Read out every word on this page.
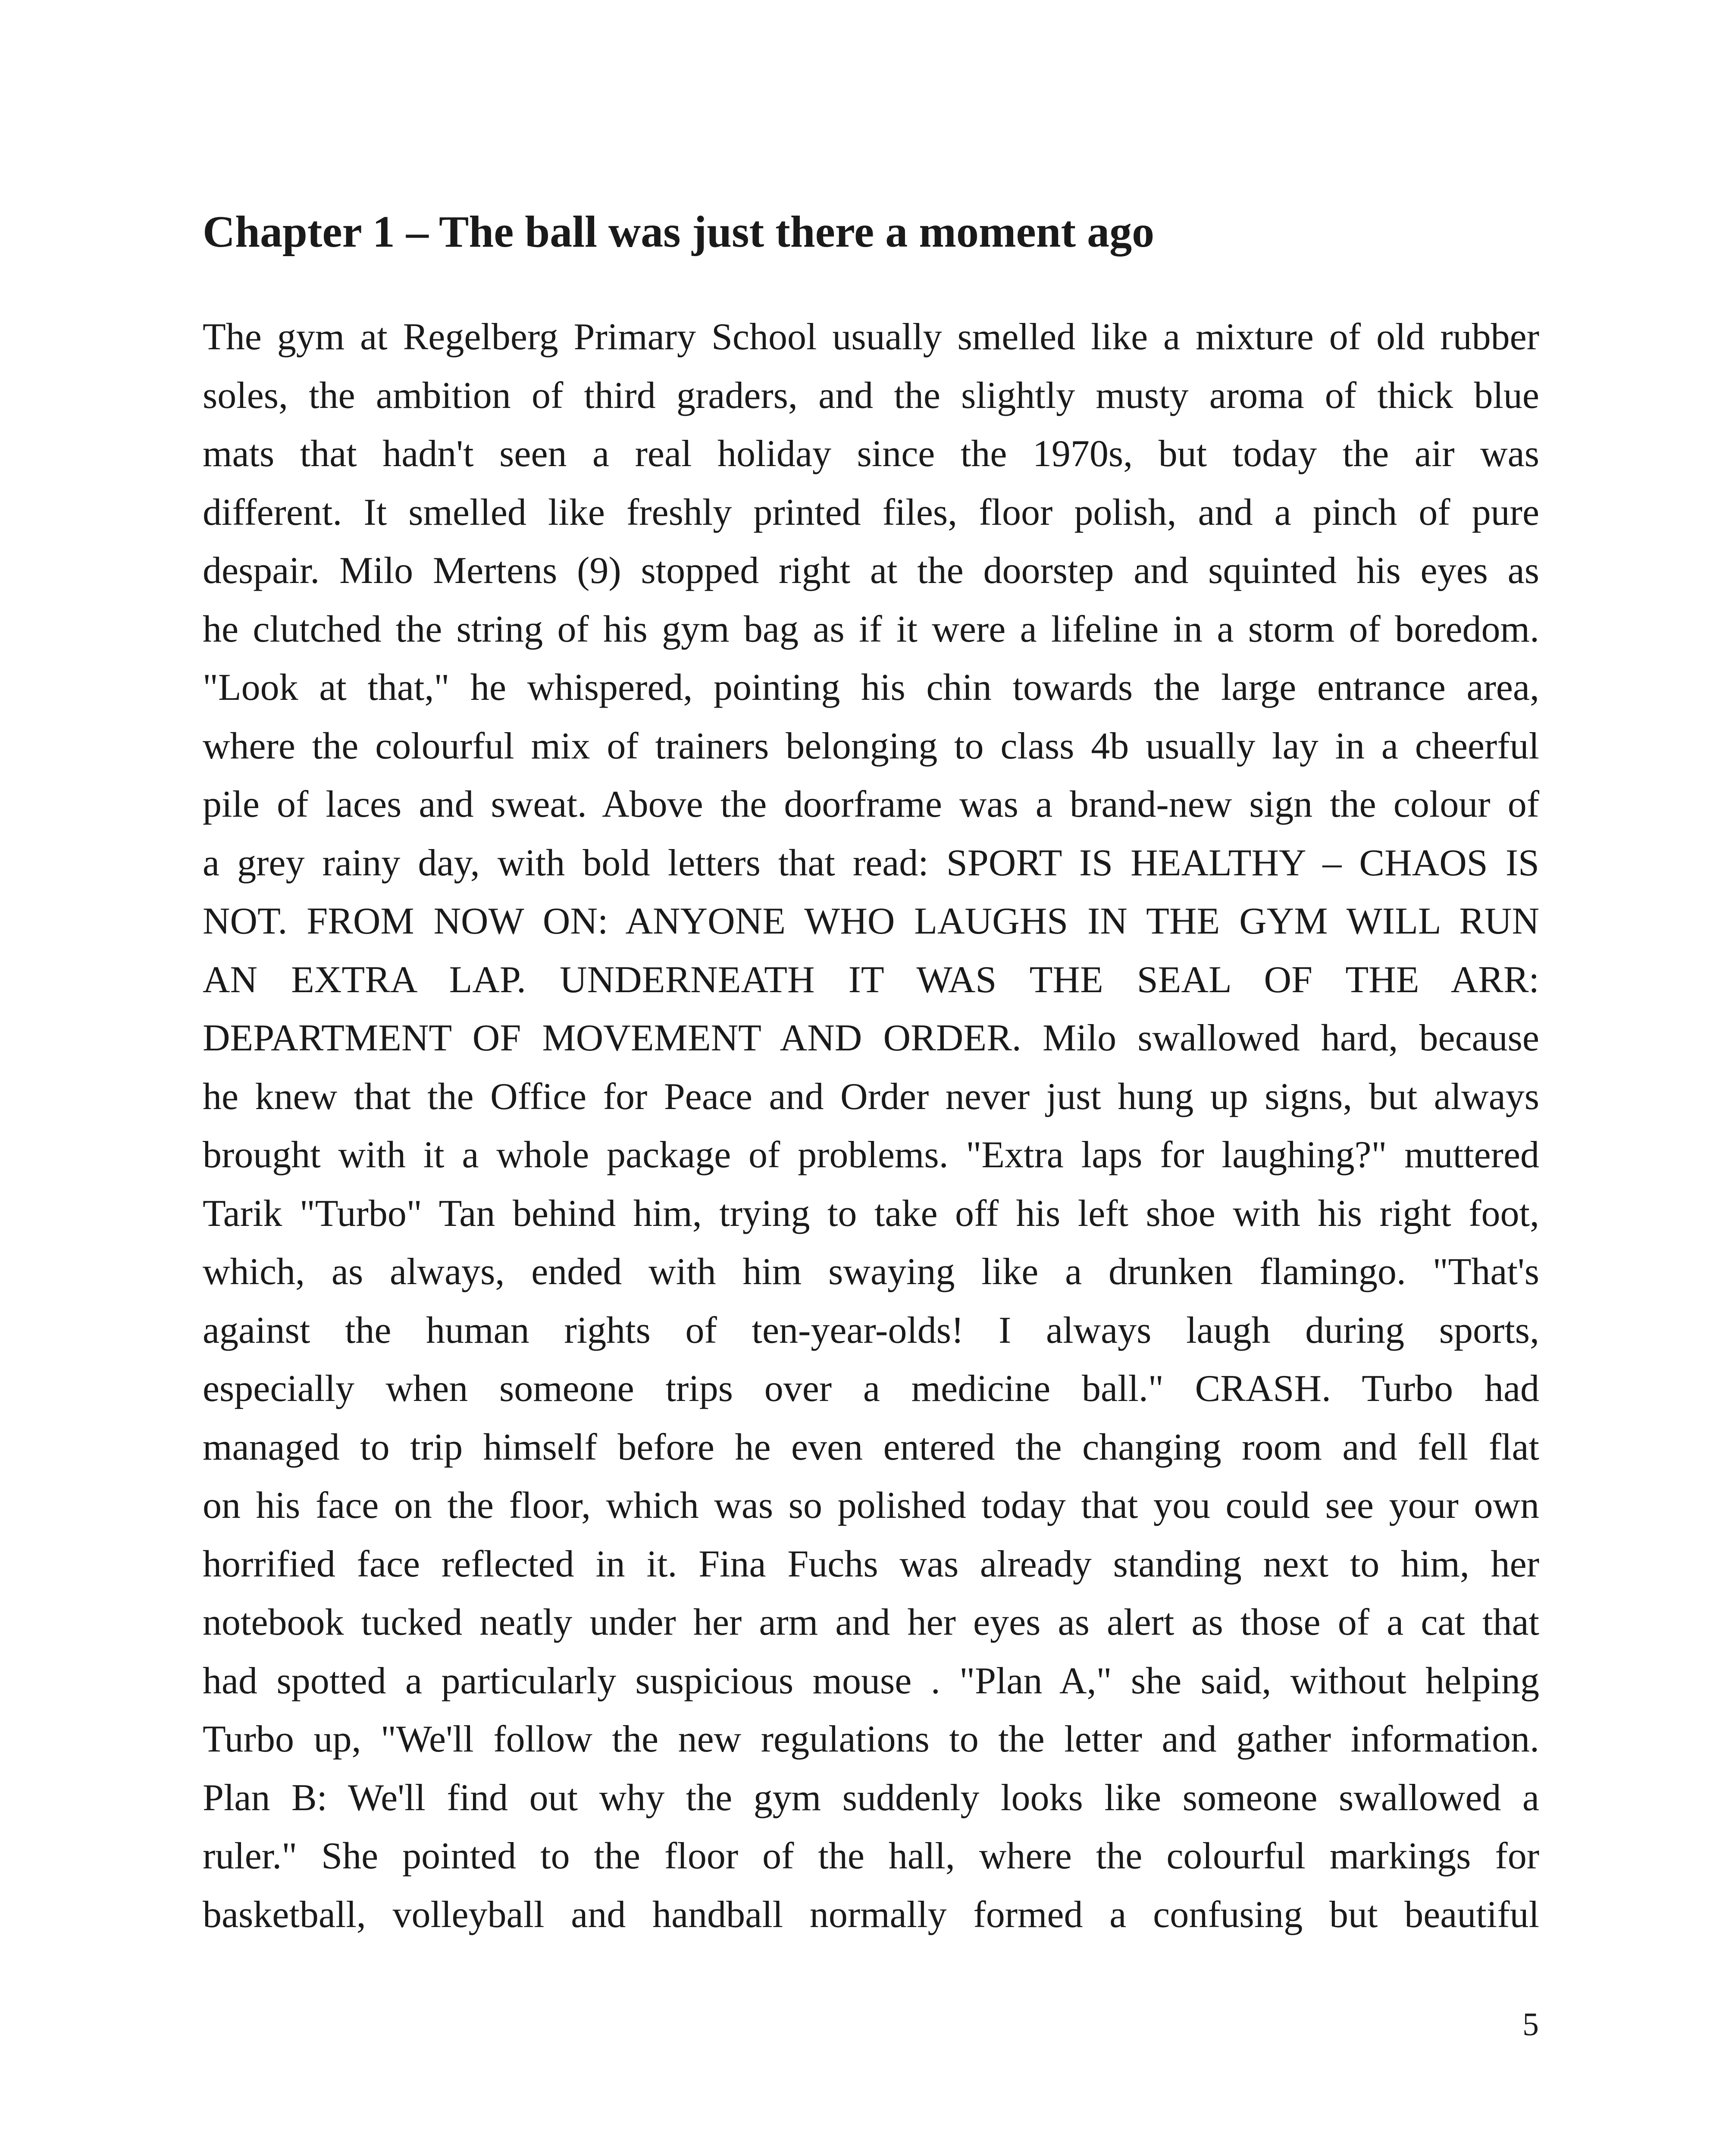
Chapter 1 – The ball was just there a moment ago
The gym at Regelberg Primary School usually smelled like a mixture of old rubber
soles, the ambition of third graders, and the slightly musty aroma of thick blue
mats that hadn't seen a real holiday since the 1970s, but today the air was
different. It smelled like freshly printed files, floor polish, and a pinch of pure
despair. Milo Mertens (9) stopped right at the doorstep and squinted his eyes as
he clutched the string of his gym bag as if it were a lifeline in a storm of boredom.
"Look at that," he whispered, pointing his chin towards the large entrance area,
where the colourful mix of trainers belonging to class 4b usually lay in a cheerful
pile of laces and sweat. Above the doorframe was a brand-new sign the colour of
a grey rainy day, with bold letters that read: SPORT IS HEALTHY – CHAOS IS
NOT. FROM NOW ON: ANYONE WHO LAUGHS IN THE GYM WILL RUN
AN EXTRA LAP. UNDERNEATH IT WAS THE SEAL OF THE ARR:
DEPARTMENT OF MOVEMENT AND ORDER. Milo swallowed hard, because
he knew that the Office for Peace and Order never just hung up signs, but always
brought with it a whole package of problems. "Extra laps for laughing?" muttered
Tarik "Turbo" Tan behind him, trying to take off his left shoe with his right foot,
which, as always, ended with him swaying like a drunken flamingo. "That's
against the human rights of ten-year-olds! I always laugh during sports,
especially when someone trips over a medicine ball." CRASH. Turbo had
managed to trip himself before he even entered the changing room and fell flat
on his face on the floor, which was so polished today that you could see your own
horrified face reflected in it. Fina Fuchs was already standing next to him, her
notebook tucked neatly under her arm and her eyes as alert as those of a cat that
had spotted a particularly suspicious mouse . "Plan A," she said, without helping
Turbo up, "We'll follow the new regulations to the letter and gather information.
Plan B: We'll find out why the gym suddenly looks like someone swallowed a
ruler." She pointed to the floor of the hall, where the colourful markings for
basketball, volleyball and handball normally formed a confusing but beautiful
5
